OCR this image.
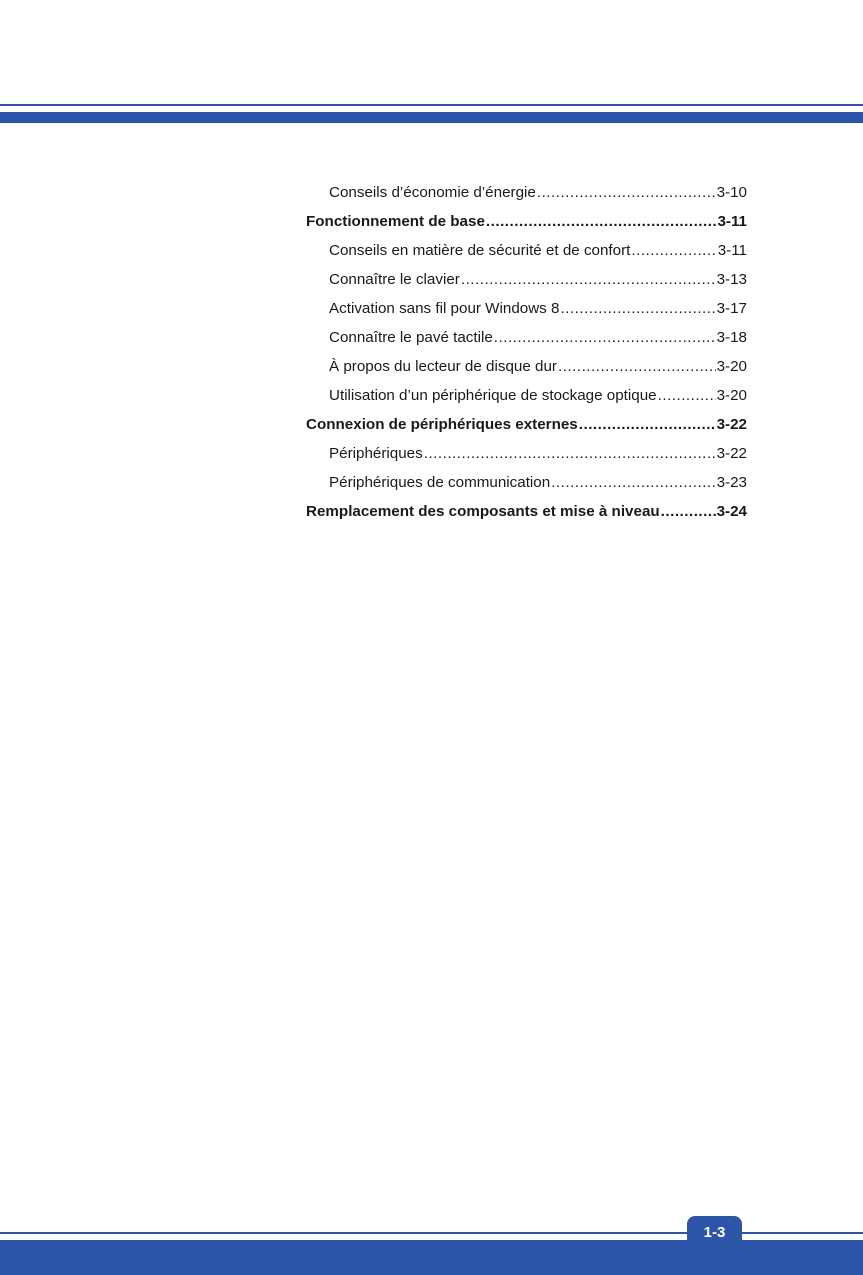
Conseils d’économie d’énergie .....	3-10
Fonctionnement de base .....	3-11
Conseils en matière de sécurité et de confort .....	3-11
Connaître le clavier .....	3-13
Activation sans fil pour Windows 8 .....	3-17
Connaître le pavé tactile .....	3-18
À propos du lecteur de disque dur .....	3-20
Utilisation d’un périphérique de stockage optique .....	3-20
Connexion de périphériques externes .....	3-22
Périphériques .....	3-22
Périphériques de communication .....	3-23
Remplacement des composants et mise à niveau .....	3-24
1-3
